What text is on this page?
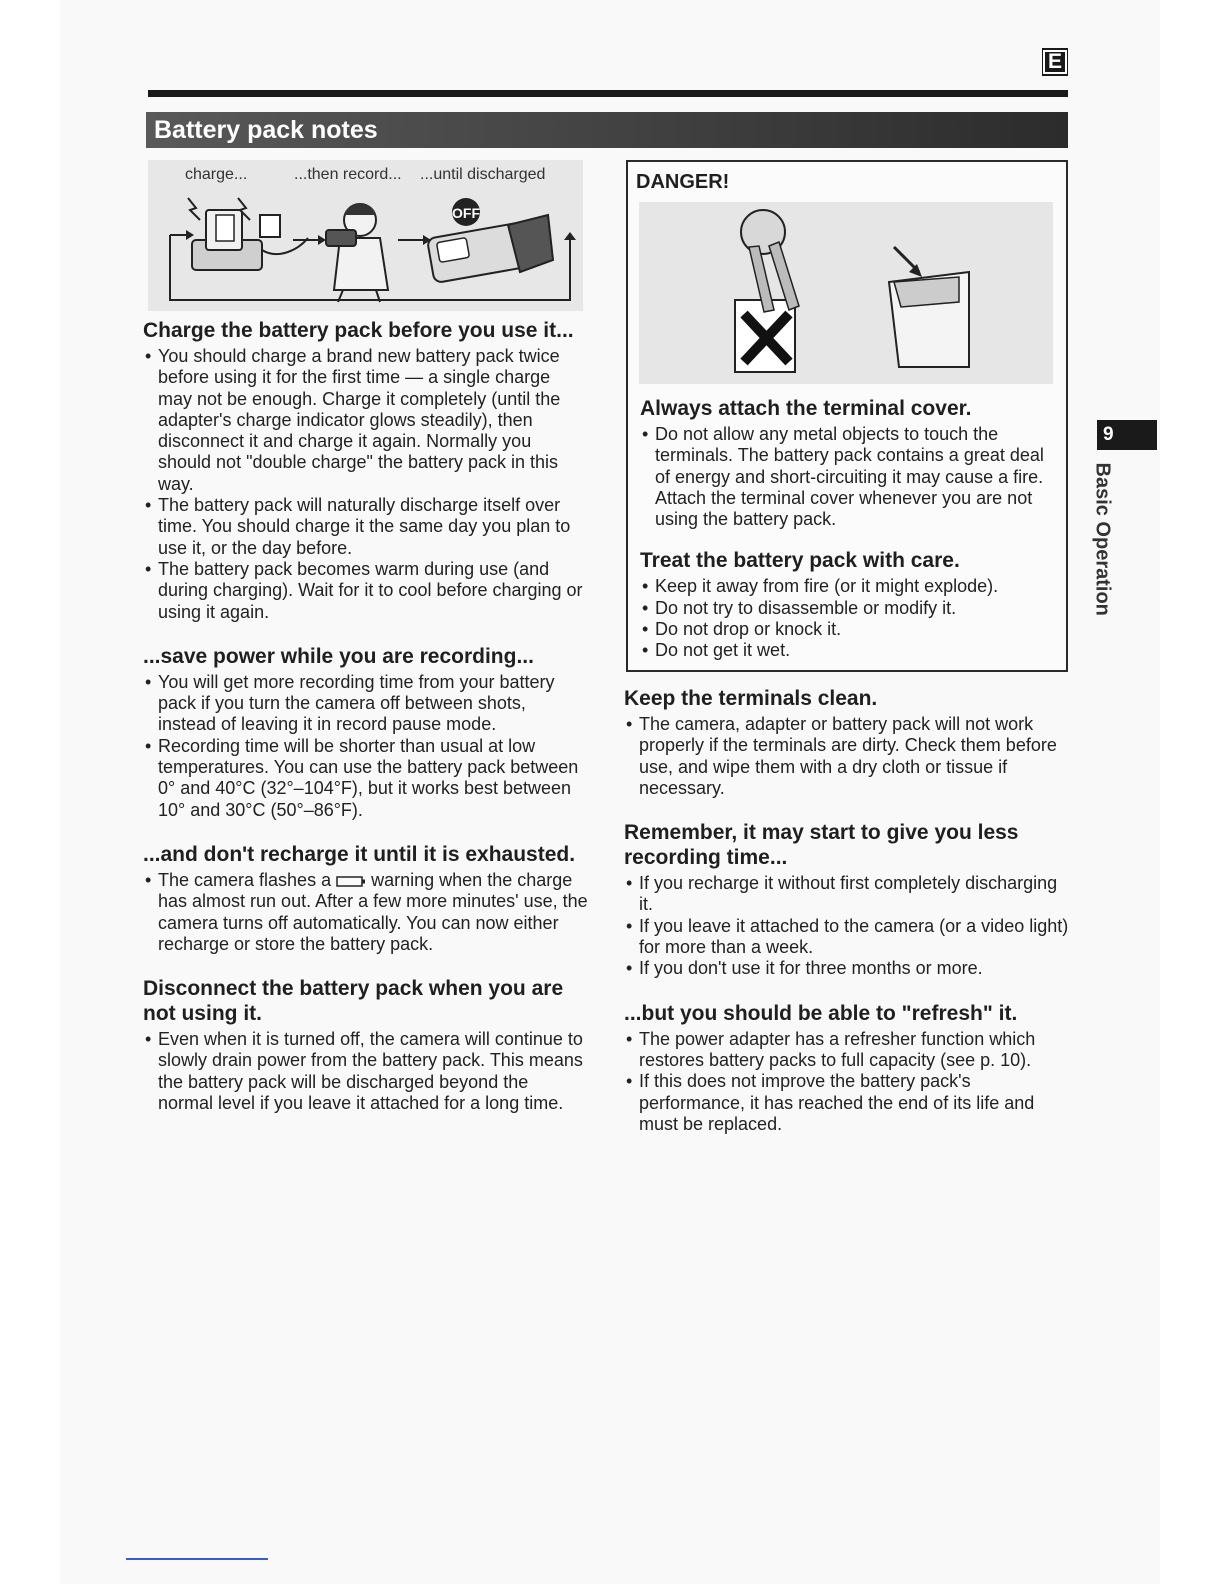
E
Battery pack notes
charge...	...then record... ...until discharged
OFF
Charge the battery pack before you use it...
• You should charge a brand new battery pack twice before using it for the first time — a single charge may not be enough. Charge it completely (until the adapter's charge indicator glows steadily), then disconnect it and charge it again. Normally you should not "double charge" the battery pack in this way.
• The battery pack will naturally discharge itself over time. You should charge it the same day you plan to use it, or the day before.
• The battery pack becomes warm during use (and during charging). Wait for it to cool before charging or using it again.
...save power while you are recording...
• You will get more recording time from your battery pack if you turn the camera off between shots, instead of leaving it in record pause mode.
• Recording time will be shorter than usual at low temperatures. You can use the battery pack between 0° and 40°C (32°–104°F), but it works best between 10° and 30°C (50°–86°F).
...and don't recharge it until it is exhausted.
• The camera flashes a warning when the charge has almost run out. After a few more minutes' use, the camera turns off automatically. You can now either recharge or store the battery pack.
Disconnect the battery pack when you are not using it.
• Even when it is turned off, the camera will continue to slowly drain power from the battery pack. This means the battery pack will be discharged beyond the normal level if you leave it attached for a long time.
DANGER!
Always attach the terminal cover.
• Do not allow any metal objects to touch the terminals. The battery pack contains a great deal of energy and short-circuiting it may cause a fire. Attach the terminal cover whenever you are not using the battery pack.
Treat the battery pack with care.
• Keep it away from fire (or it might explode).
• Do not try to disassemble or modify it.
• Do not drop or knock it.
• Do not get it wet.
Keep the terminals clean.
• The camera, adapter or battery pack will not work properly if the terminals are dirty. Check them before use, and wipe them with a dry cloth or tissue if necessary.
Remember, it may start to give you less recording time...
• If you recharge it without first completely discharging it.
• If you leave it attached to the camera (or a video light) for more than a week.
• If you don't use it for three months or more.
...but you should be able to "refresh" it.
• The power adapter has a refresher function which restores battery packs to full capacity (see p. 10).
• If this does not improve the battery pack's performance, it has reached the end of its life and must be replaced.
9
Basic Operation
